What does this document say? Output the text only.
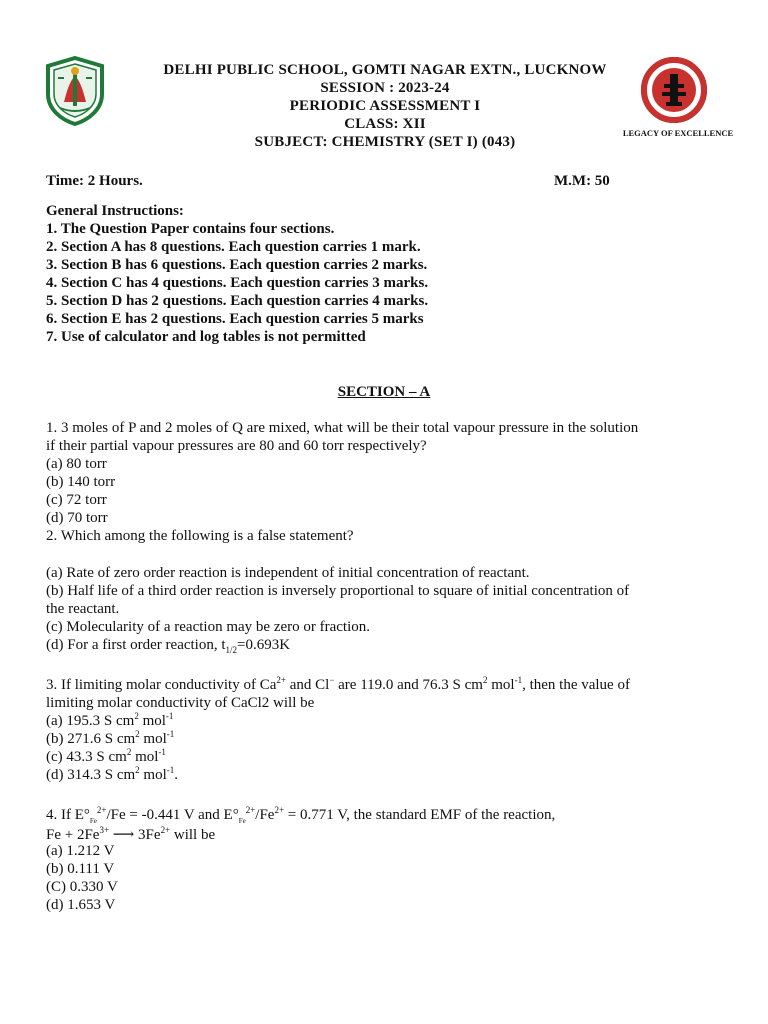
DELHI PUBLIC SCHOOL, GOMTI NAGAR EXTN., LUCKNOW
SESSION : 2023-24
PERIODIC ASSESSMENT I
CLASS: XII
SUBJECT: CHEMISTRY (SET I) (043)
LEGACY OF EXCELLENCE
Time: 2 Hours.	M.M: 50
General Instructions:
1. The Question Paper contains four sections.
2. Section A has 8 questions. Each question carries 1 mark.
3. Section B has 6 questions. Each question carries 2 marks.
4. Section C has 4 questions. Each question carries 3 marks.
5. Section D has 2 questions. Each question carries 4 marks.
6. Section E has 2 questions. Each question carries 5 marks
7. Use of calculator and log tables is not permitted
SECTION – A
1. 3 moles of P and 2 moles of Q are mixed, what will be their total vapour pressure in the solution
if their partial vapour pressures are 80 and 60 torr respectively?
(a) 80 torr
(b) 140 torr
(c) 72 torr
(d) 70 torr
2. Which among the following is a false statement?
(a) Rate of zero order reaction is independent of initial concentration of reactant.
(b) Half life of a third order reaction is inversely proportional to square of initial concentration of
the reactant.
(c) Molecularity of a reaction may be zero or fraction.
(d) For a first order reaction, $t_{1/2}=0.693K$
3. If limiting molar conductivity of $Ca^{2+}$ and Cl− are 119.0 and 76.3 S $cm^2$ mol$^{-1}$, then the value of
limiting molar conductivity of CaCl2 will be
(a) 195.3 S $cm^2$ mol$^{-1}$
(b) 271.6 S $cm^2$ mol$^{-1}$
(c) 43.3 S $cm^2$ mol$^{-1}$
(d) 314.3 S $cm^2$ mol$^{-1}$.
4. If $E^\circ_{Fe}^{2+}/Fe = -0.441$ V and $E^\circ_{Fe}^{2+}/Fe^{2+} = 0.771$ V, the standard EMF of the reaction,
$Fe + 2Fe^{3+}$ ⟶ $3Fe^{2+}$ will be
(a) 1.212 V
(b) 0.111 V
(C) 0.330 V
(d) 1.653 V
